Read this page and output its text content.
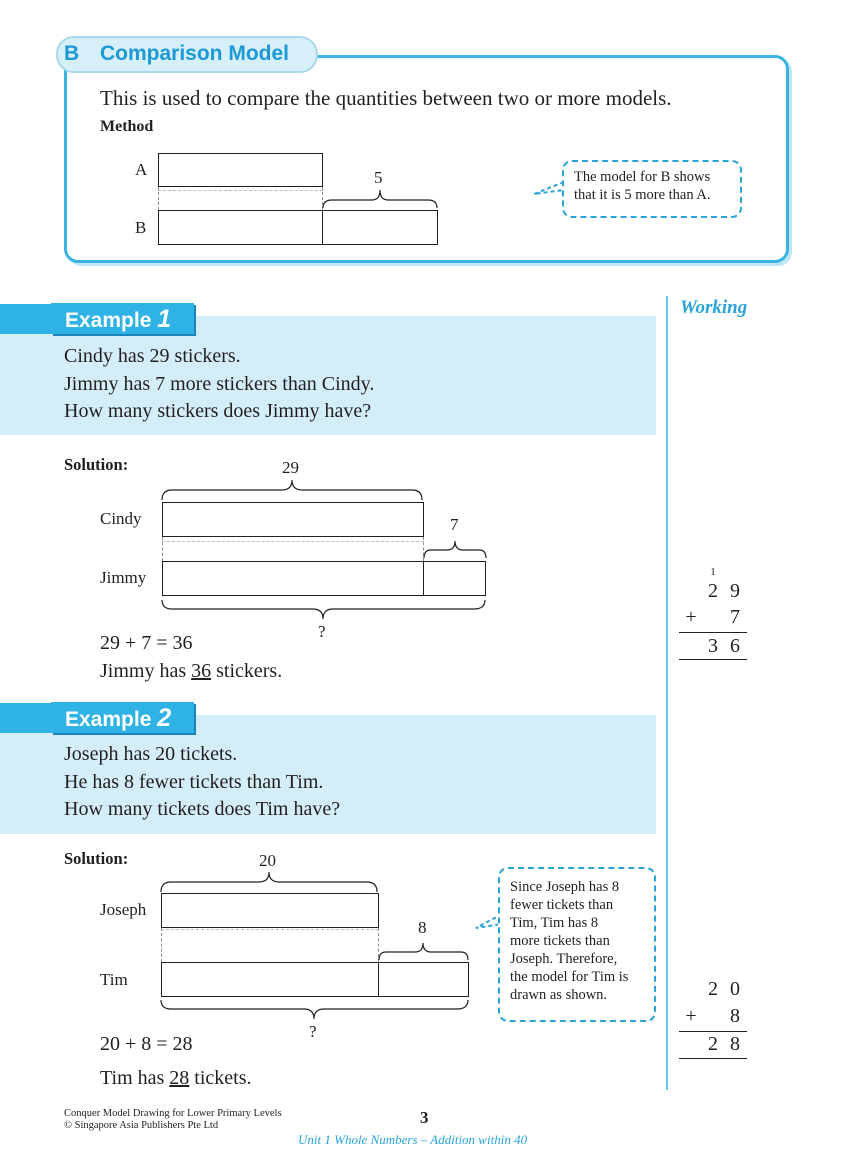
B Comparison Model
This is used to compare the quantities between two or more models.
Method
A
B
5	The model for B shows
that it is 5 more than A.
Working
Example 1
Cindy has 29 stickers.
Jimmy has 7 more stickers than Cindy.
How many stickers does Jimmy have?
Solution:	29
Cindy
Jimmy
7
?
29 + 7 = 36
Jimmy has 36 stickers.
1
2 9
+ 7
3 6
Example 2
Joseph has 20 tickets.
He has 8 fewer tickets than Tim.
How many tickets does Tim have?
Solution:	20
Joseph
Tim
8
?
Since Joseph has 8
fewer tickets than
Tim, Tim has 8
more tickets than
Joseph. Therefore,
the model for Tim is
drawn as shown.
20 + 8 = 28
Tim has 28 tickets.
2 0
+ 8
2 8
Conquer Model Drawing for Lower Primary Levels
© Singapore Asia Publishers Pte Ltd	3
Unit 1 Whole Numbers – Addition within 40
